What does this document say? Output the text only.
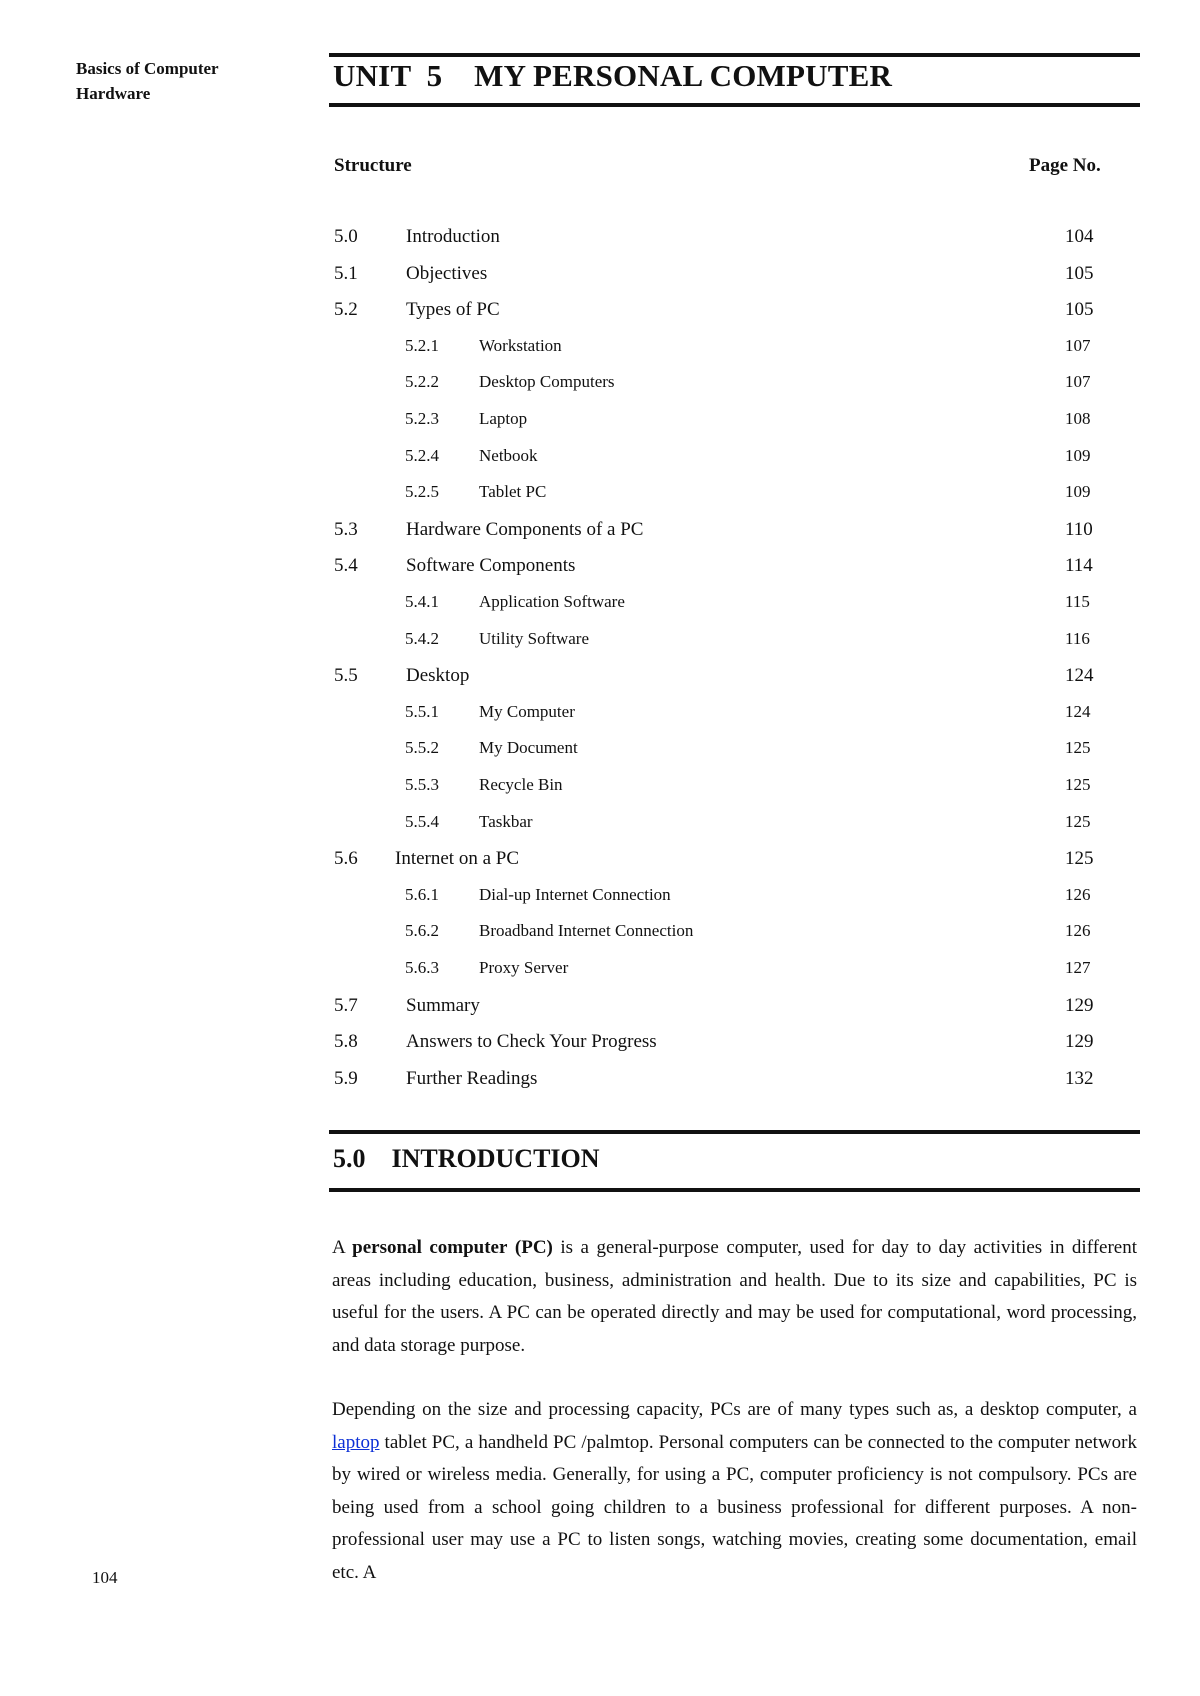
Basics of Computer
Hardware
UNIT  5    MY PERSONAL COMPUTER
Structure	Page No.
5.0	Introduction	104
5.1	Objectives	105
5.2	Types of PC	105
5.2.1 Workstation	107
5.2.2 Desktop Computers	107
5.2.3 Laptop	108
5.2.4 Netbook	109
5.2.5 Tablet PC	109
5.3	Hardware Components of a PC	110
5.4	Software Components	114
5.4.1 Application Software	115
5.4.2 Utility Software	116
5.5	Desktop	124
5.5.1 My Computer	124
5.5.2 My Document	125
5.5.3 Recycle Bin	125
5.5.4 Taskbar	125
5.6 Internet on a PC	125
5.6.1 Dial-up Internet Connection	126
5.6.2 Broadband Internet Connection	126
5.6.3 Proxy Server	127
5.7	Summary	129
5.8	Answers to Check Your Progress	129
5.9	Further Readings	132
5.0    INTRODUCTION

A personal computer (PC) is a general-purpose computer, used for day to day activities in different areas including education, business, administration and health. Due to its size and capabilities, PC is useful for the users. A PC can be operated directly and may be used for computational, word processing, and data storage purpose.

Depending on the size and processing capacity, PCs are of many types such as, a desktop computer, a laptop tablet PC, a handheld PC /palmtop. Personal computers can be connected to the computer network by wired or wireless media. Generally, for using a PC, computer proficiency is not compulsory. PCs are being used from a school going children to a business professional for different purposes. A non-professional user may use a PC to listen songs, watching movies, creating some documentation, email etc. A

104
